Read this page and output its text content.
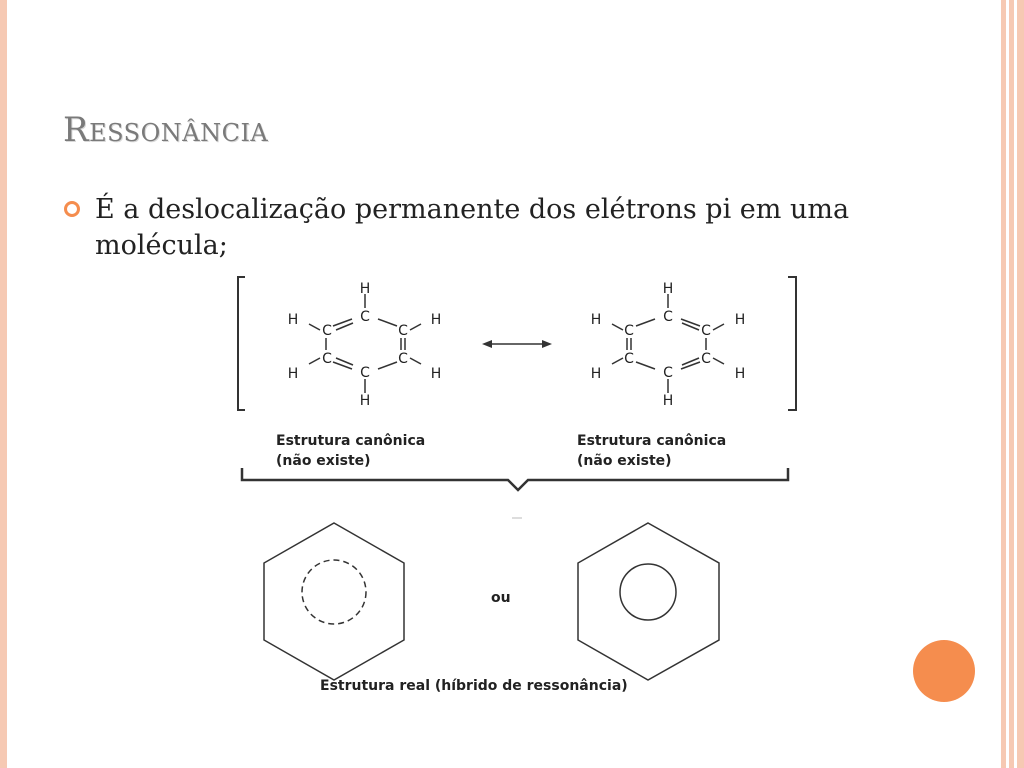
Ressonância
É a deslocalização permanente dos elétrons pi em uma molécula;
H
C
C	C
C	C
C
H
H	H
H	H
H
C
C	C
C	C
C
H
H	H
H	H
Estrutura canônica
(não existe)
Estrutura canônica
(não existe)
ou
Estrutura real (híbrido de ressonância)
